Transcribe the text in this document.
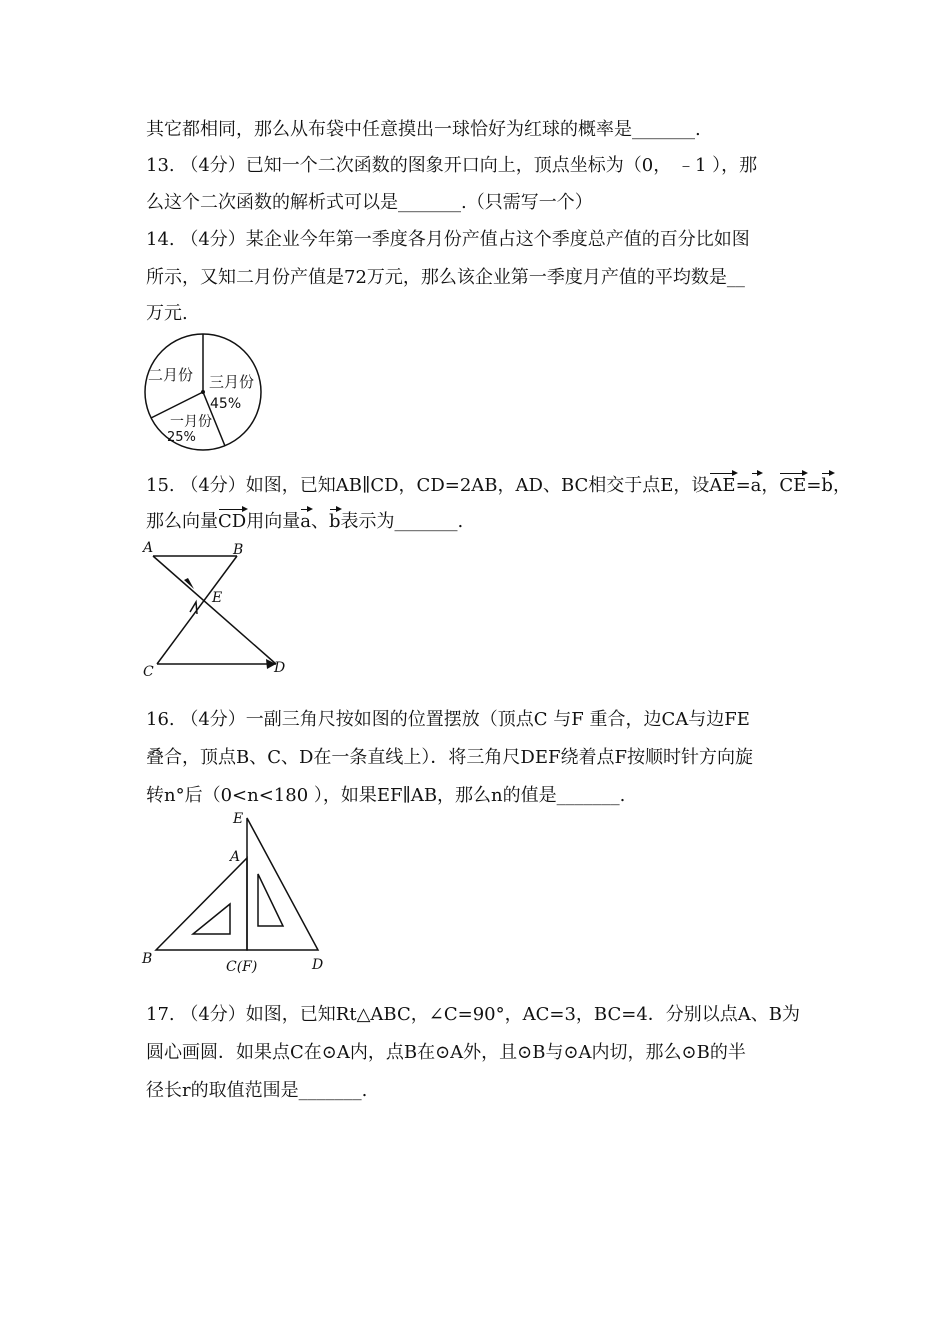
其它都相同，那么从布袋中任意摸出一球恰好为红球的概率是_______.
13. （4分）已知一个二次函数的图象开口向上，顶点坐标为（0， ﹣1 ），那
么这个二次函数的解析式可以是_______.（只需写一个）
14. （4分）某企业今年第一季度各月份产值占这个季度总产值的百分比如图
所示，又知二月份产值是72万元，那么该企业第一季度月产值的平均数是__
万元.
二月份 三月份
45%
一月份
25%
15. （4分）如图，已知AB∥CD，CD=2AB，AD、BC相交于点E，设AE=a，CE=b，
那么向量CD用向量a、b表示为_______.
A	B
E
C	D
16. （4分）一副三角尺按如图的位置摆放（顶点C 与F 重合，边CA与边FE
叠合，顶点B、C、D在一条直线上）．将三角尺DEF绕着点F按顺时针方向旋
转n°后（0<n<180 ），如果EF∥AB，那么n的值是_______.
E
A
B	C(F)	D
17. （4分）如图，已知Rt△ABC，∠C=90°，AC=3，BC=4．分别以点A、B为
圆心画圆．如果点C在⊙A内，点B在⊙A外，且⊙B与⊙A内切，那么⊙B的半
径长r的取值范围是_______.
